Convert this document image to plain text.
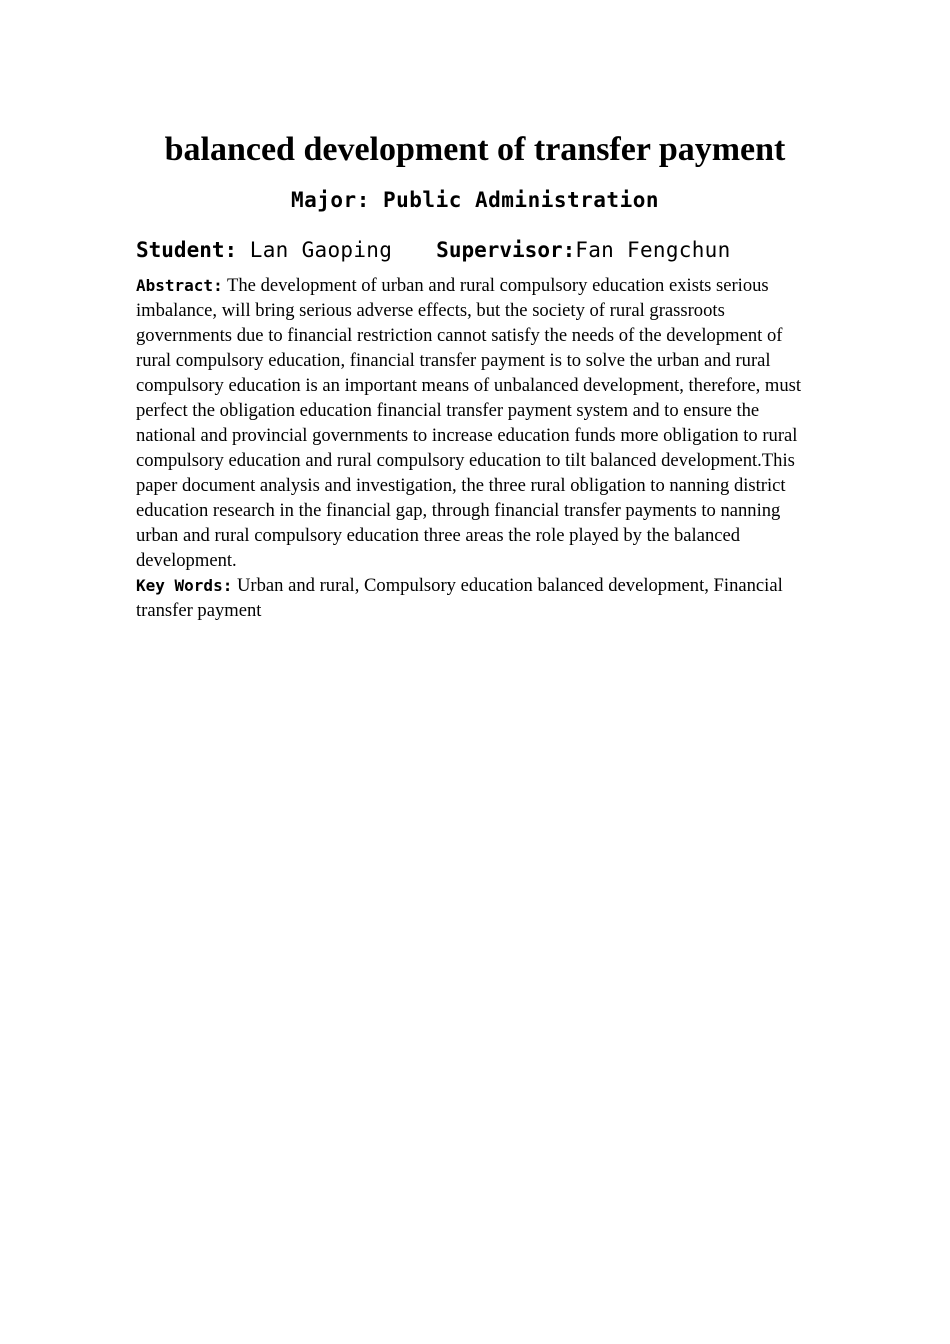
balanced development of transfer payment
Major: Public Administration
Student: Lan Gaoping Supervisor:Fan Fengchun

Abstract: The development of urban and rural compulsory education exists serious imbalance, will bring serious adverse effects, but the society of rural grassroots governments due to financial restriction cannot satisfy the needs of the development of rural compulsory education, financial transfer payment is to solve the urban and rural compulsory education is an important means of unbalanced development, therefore, must perfect the obligation education financial transfer payment system and to ensure the national and provincial governments to increase education funds more obligation to rural compulsory education and rural compulsory education to tilt balanced development.This paper document analysis and investigation, the three rural obligation to nanning district education research in the financial gap, through financial transfer payments to nanning urban and rural compulsory education three areas the role played by the balanced development.

Key Words: Urban and rural, Compulsory education balanced development, Financial transfer payment
